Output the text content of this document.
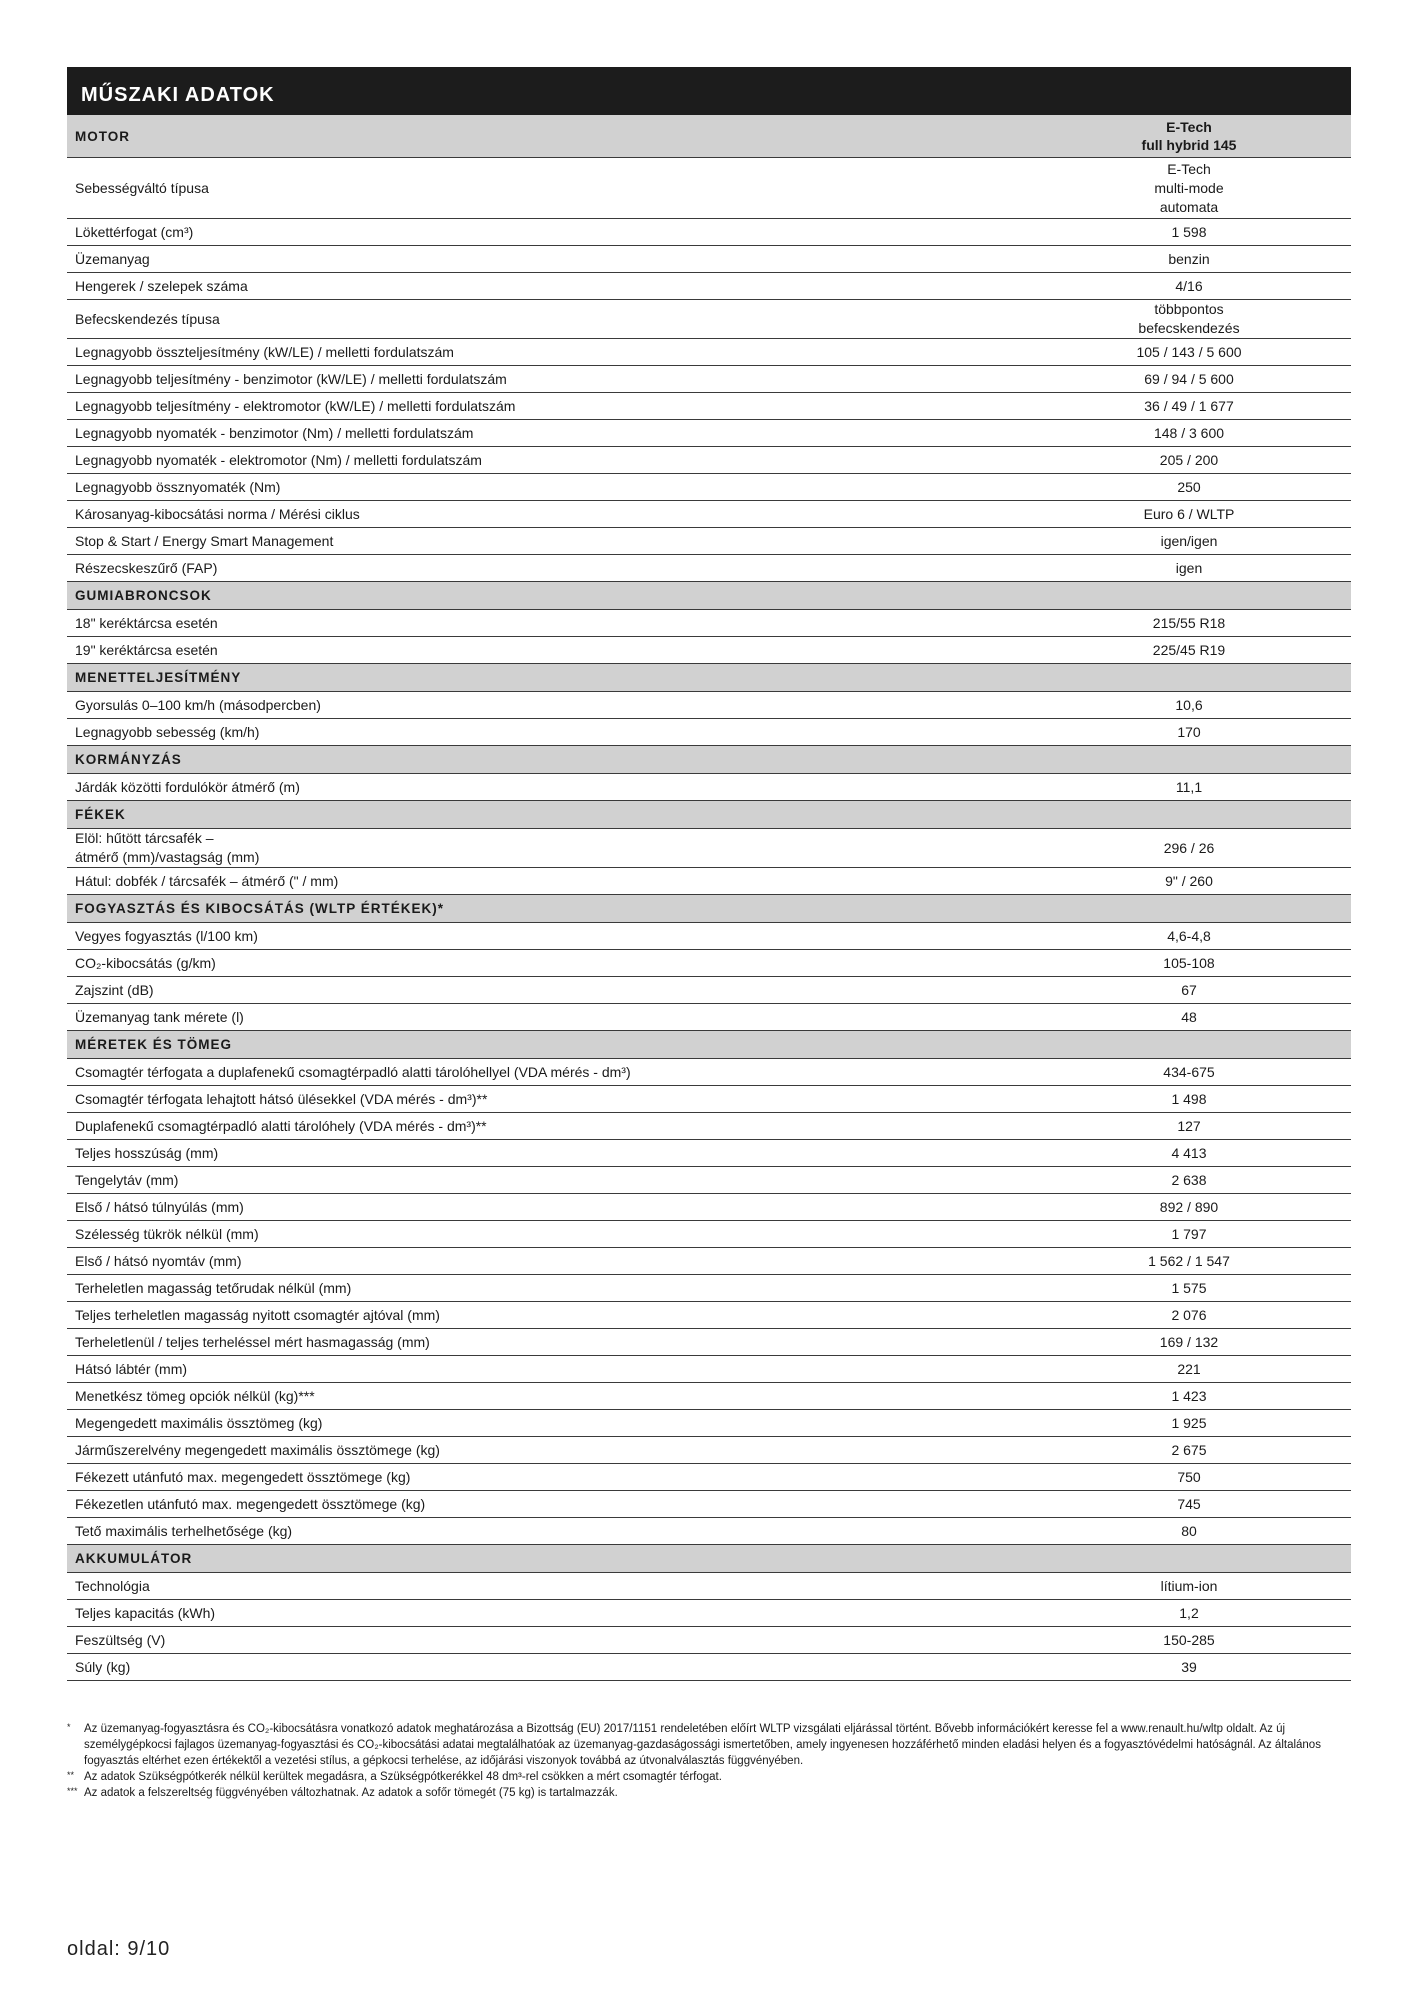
MŰSZAKI ADATOK
MOTOR	E-Tech
full hybrid 145
Sebességváltó típusa	E-Tech
multi-mode
automata
Lökettérfogat (cm³)	1 598
Üzemanyag	benzin
Hengerek / szelepek száma	4/16
Befecskendezés típusa	többpontos
befecskendezés
Legnagyobb összteljesítmény (kW/LE) / melletti fordulatszám	105 / 143 / 5 600
Legnagyobb teljesítmény - benzimotor (kW/LE) / melletti fordulatszám	69 / 94 / 5 600
Legnagyobb teljesítmény - elektromotor (kW/LE) / melletti fordulatszám	36 / 49 / 1 677
Legnagyobb nyomaték - benzimotor (Nm) / melletti fordulatszám	148 / 3 600
Legnagyobb nyomaték - elektromotor (Nm) / melletti fordulatszám	205 / 200
Legnagyobb össznyomaték (Nm)	250
Károsanyag-kibocsátási norma / Mérési ciklus	Euro 6 / WLTP
Stop & Start / Energy Smart Management	igen/igen
Részecskeszűrő (FAP)	igen
GUMIABRONCSOK	
18" keréktárcsa esetén	215/55 R18
19" keréktárcsa esetén	225/45 R19
MENETTELJESÍTMÉNY	
Gyorsulás 0–100 km/h (másodpercben)	10,6
Legnagyobb sebesség (km/h)	170
KORMÁNYZÁS	
Járdák közötti fordulókör átmérő (m)	11,1
FÉKEK	
Elöl: hűtött tárcsafék –
átmérő (mm)/vastagság (mm)	296 / 26
Hátul: dobfék / tárcsafék – átmérő (" / mm)	9" / 260
FOGYASZTÁS ÉS KIBOCSÁTÁS (WLTP ÉRTÉKEK)*	
Vegyes fogyasztás (l/100 km)	4,6-4,8
CO₂-kibocsátás (g/km)	105-108
Zajszint (dB)	67
Üzemanyag tank mérete (l)	48
MÉRETEK ÉS TÖMEG	
Csomagtér térfogata a duplafenekű csomagtérpadló alatti tárolóhellyel (VDA mérés - dm³)	434-675
Csomagtér térfogata lehajtott hátsó ülésekkel (VDA mérés - dm³)**	1 498
Duplafenekű csomagtérpadló alatti tárolóhely (VDA mérés - dm³)**	127
Teljes hosszúság (mm)	4 413
Tengelytáv (mm)	2 638
Első / hátsó túlnyúlás (mm)	892 / 890
Szélesség tükrök nélkül (mm)	1 797
Első / hátsó nyomtáv (mm)	1 562 / 1 547
Terheletlen magasság tetőrudak nélkül (mm)	1 575
Teljes terheletlen magasság nyitott csomagtér ajtóval (mm)	2 076
Terheletlenül / teljes terheléssel mért hasmagasság (mm)	169 / 132
Hátsó lábtér (mm)	221
Menetkész tömeg opciók nélkül (kg)***	1 423
Megengedett maximális össztömeg (kg)	1 925
Járműszerelvény megengedett maximális össztömege (kg)	2 675
Fékezett utánfutó max. megengedett össztömege (kg)	750
Fékezetlen utánfutó max. megengedett össztömege (kg)	745
Tető maximális terhelhetősége (kg)	80
AKKUMULÁTOR	
Technológia	lítium-ion
Teljes kapacitás (kWh)	1,2
Feszültség (V)	150-285
Súly (kg)	39
*	Az üzemanyag-fogyasztásra és CO₂-kibocsátásra vonatkozó adatok meghatározása a Bizottság (EU) 2017/1151 rendeletében előírt WLTP vizsgálati eljárással történt. Bővebb információkért keresse fel a www.renault.hu/wltp oldalt. Az új személygépkocsi fajlagos üzemanyag-fogyasztási és CO₂-kibocsátási adatai megtalálhatóak az üzemanyag-gazdaságossági ismertetőben, amely ingyenesen hozzáférhető minden eladási helyen és a fogyasztóvédelmi hatóságnál. Az általános fogyasztás eltérhet ezen értékektől a vezetési stílus, a gépkocsi terhelése, az időjárási viszonyok továbbá az útvonalválasztás függvényében.
** Az adatok Szükségpótkerék nélkül kerültek megadásra, a Szükségpótkerékkel 48 dm³-rel csökken a mért csomagtér térfogat.
*** Az adatok a felszereltség függvényében változhatnak. Az adatok a sofőr tömegét (75 kg) is tartalmazzák.
oldal: 9/10
